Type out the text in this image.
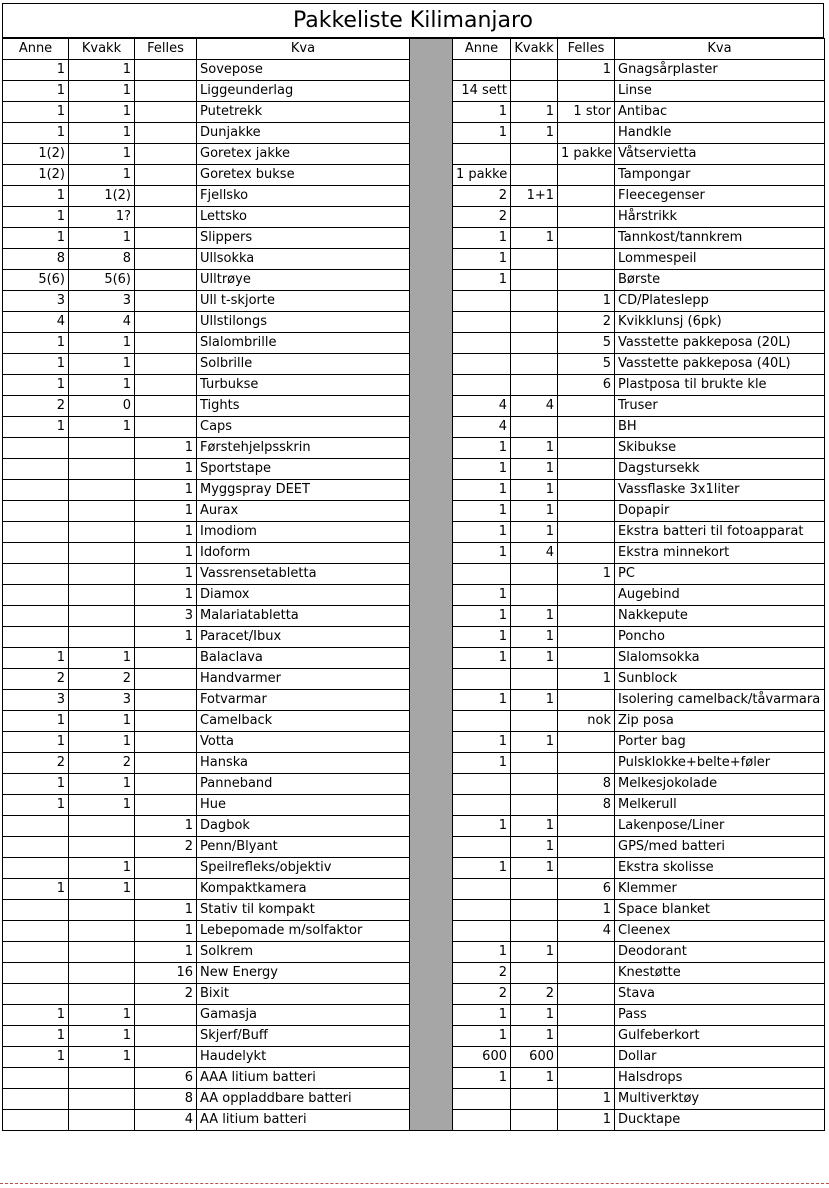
Pakkeliste Kilimanjaro
Anne	Kvakk	Felles	Kva		Anne	Kvakk	Felles	Kva
1	1		Sovepose				1	Gnagsårplaster
1	1		Liggeunderlag		14 sett			Linse
1	1		Putetrekk		1	1	1 stor	Antibac
1	1		Dunjakke		1	1		Handkle
1(2)	1		Goretex jakke				1 pakke	Våtservietta
1(2)	1		Goretex bukse		1 pakke			Tampongar
1	1(2)		Fjellsko		2	1+1		Fleecegenser
1	1?		Lettsko		2			Hårstrikk
1	1		Slippers		1	1		Tannkost/tannkrem
8	8		Ullsokka		1			Lommespeil
5(6)	5(6)		Ulltrøye		1			Børste
3	3		Ull t-skjorte				1	CD/Plateslepp
4	4		Ullstilongs				2	Kvikklunsj (6pk)
1	1		Slalombrille				5	Vasstette pakkeposa (20L)
1	1		Solbrille				5	Vasstette pakkeposa (40L)
1	1		Turbukse				6	Plastposa til brukte kle
2	0		Tights		4	4		Truser
1	1		Caps		4			BH
		1	Førstehjelpsskrin		1	1		Skibukse
		1	Sportstape		1	1		Dagstursekk
		1	Myggspray DEET		1	1		Vassflaske 3x1liter
		1	Aurax		1	1		Dopapir
		1	Imodiom		1	1		Ekstra batteri til fotoapparat
		1	Idoform		1	4		Ekstra minnekort
		1	Vassrensetabletta				1	PC
		1	Diamox		1			Augebind
		3	Malariatabletta		1	1		Nakkepute
		1	Paracet/Ibux		1	1		Poncho
1	1		Balaclava		1	1		Slalomsokka
2	2		Handvarmer				1	Sunblock
3	3		Fotvarmar		1	1		Isolering camelback/tåvarmara
1	1		Camelback				nok	Zip posa
1	1		Votta		1	1		Porter bag
2	2		Hanska		1			Pulsklokke+belte+føler
1	1		Panneband				8	Melkesjokolade
1	1		Hue				8	Melkerull
		1	Dagbok		1	1		Lakenpose/Liner
		2	Penn/Blyant			1		GPS/med batteri
	1		Speilrefleks/objektiv		1	1		Ekstra skolisse
1	1		Kompaktkamera				6	Klemmer
		1	Stativ til kompakt				1	Space blanket
		1	Lebepomade m/solfaktor				4	Cleenex
		1	Solkrem		1	1		Deodorant
		16	New Energy		2			Knestøtte
		2	Bixit		2	2		Stava
1	1		Gamasja		1	1		Pass
1	1		Skjerf/Buff		1	1		Gulfeberkort
1	1		Haudelykt		600	600		Dollar
		6	AAA litium batteri		1	1		Halsdrops
		8	AA oppladdbare batteri				1	Multiverktøy
		4	AA litium batteri				1	Ducktape
